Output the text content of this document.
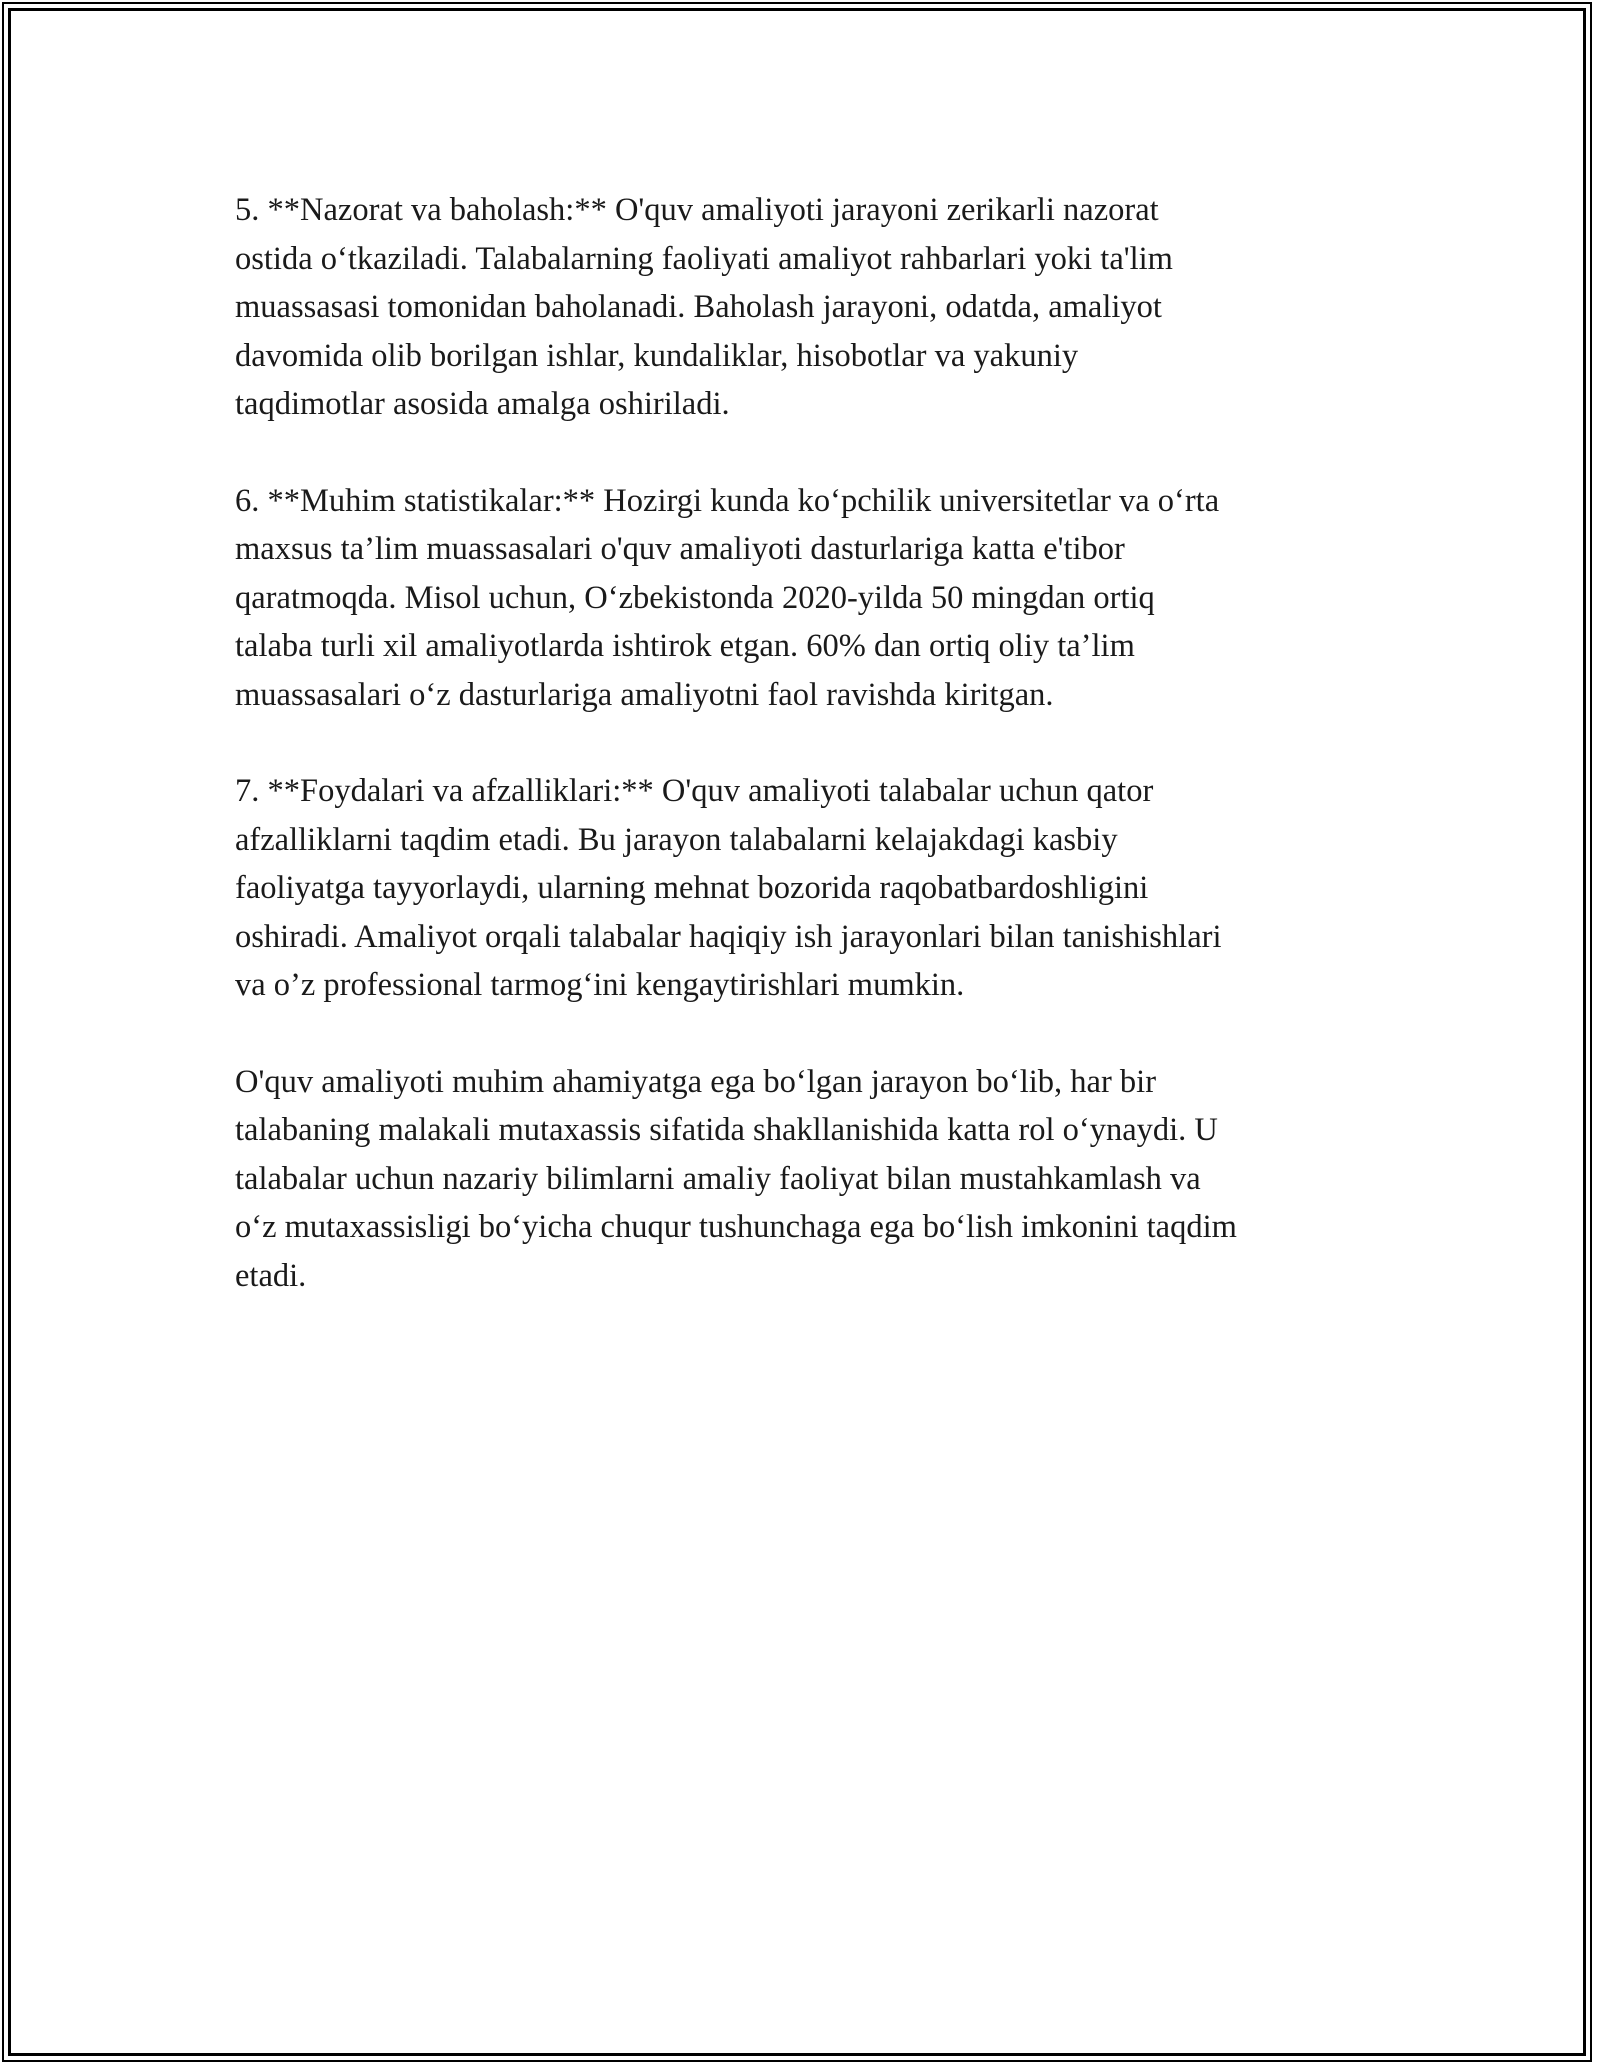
5. **Nazorat va baholash:** O'quv amaliyoti jarayoni zerikarli nazorat
ostida o‘tkaziladi. Talabalarning faoliyati amaliyot rahbarlari yoki ta'lim
muassasasi tomonidan baholanadi. Baholash jarayoni, odatda, amaliyot
davomida olib borilgan ishlar, kundaliklar, hisobotlar va yakuniy
taqdimotlar asosida amalga oshiriladi.

6. **Muhim statistikalar:** Hozirgi kunda ko‘pchilik universitetlar va o‘rta
maxsus ta’lim muassasalari o'quv amaliyoti dasturlariga katta e'tibor
qaratmoqda. Misol uchun, O‘zbekistonda 2020-yilda 50 mingdan ortiq
talaba turli xil amaliyotlarda ishtirok etgan. 60% dan ortiq oliy ta’lim
muassasalari o‘z dasturlariga amaliyotni faol ravishda kiritgan.

7. **Foydalari va afzalliklari:** O'quv amaliyoti talabalar uchun qator
afzalliklarni taqdim etadi. Bu jarayon talabalarni kelajakdagi kasbiy
faoliyatga tayyorlaydi, ularning mehnat bozorida raqobatbardoshligini
oshiradi. Amaliyot orqali talabalar haqiqiy ish jarayonlari bilan tanishishlari
va o’z professional tarmog‘ini kengaytirishlari mumkin.

O'quv amaliyoti muhim ahamiyatga ega bo‘lgan jarayon bo‘lib, har bir
talabaning malakali mutaxassis sifatida shakllanishida katta rol o‘ynaydi. U
talabalar uchun nazariy bilimlarni amaliy faoliyat bilan mustahkamlash va
o‘z mutaxassisligi bo‘yicha chuqur tushunchaga ega bo‘lish imkonini taqdim
etadi.
